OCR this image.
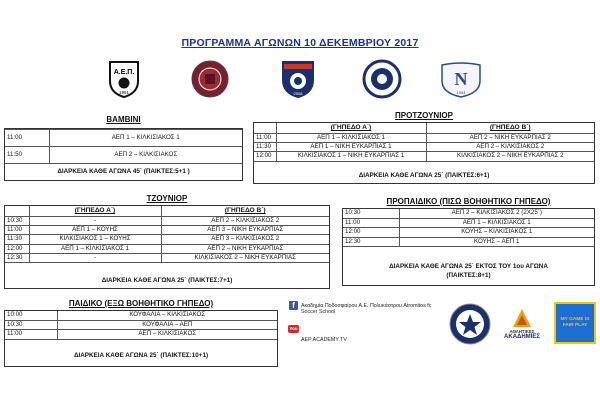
ΠΡΟΓΡΑΜΜΑ ΑΓΩΝΩΝ 10 ΔΕΚΕΜΒΡΙΟΥ 2017
Α.Ε.Π.
1951	2008
N
1954
ΒΑΜΒΙΝΙ
11:00	ΑΕΠ 1 – ΚΙΛΚΙΣΙΑΚΟΣ 1
11:50	ΑΕΠ 2 – ΚΙΛΚΙΣΙΑΚΟΣ
ΔΙΑΡΚΕΙΑ ΚΑΘΕ ΑΓΩΝΑ 45΄ (ΠΑΙΚΤΕΣ:5+1 )
ΠΡΟΤΖΟΥΝΙΟΡ
	(ΓΗΠΕΔΟ Α΄)	(ΓΗΠΕΔΟ Β΄)
11:00	ΑΕΠ 1 – ΚΙΛΚΙΣΙΑΚΟΣ 1	ΑΕΠ 2 – ΝΙΚΗ ΕΥΚΑΡΠΙΑΣ 2
11:30	ΑΕΠ 1 – ΝΙΚΗ ΕΥΚΑΡΠΙΑΣ 1	ΑΕΠ 2 – ΚΙΛΚΙΣΙΑΚΟΣ 2
12:00	ΚΙΛΚΙΣΙΑΚΟΣ 1 – ΝΙΚΗ ΕΥΚΑΡΠΙΑΣ 1	ΚΙΛΚΙΣΙΑΚΟΣ 2 – ΝΙΚΗ ΕΥΚΑΡΠΙΑΣ 2
ΔΙΑΡΚΕΙΑ ΚΑΘΕ ΑΓΩΝΑ 25΄ (ΠΑΙΚΤΕΣ:6+1)
ΤΖΟΥΝΙΟΡ
	(ΓΗΠΕΔΟ Α΄)	(ΓΗΠΕΔΟ Β΄)
10:30	-	ΑΕΠ 2 – ΚΙΛΚΙΣΙΑΚΟΣ 2
11:00	ΑΕΠ 1 – ΚΟΥΗΣ	ΑΕΠ 3 – ΝΙΚΗ ΕΥΚΑΡΠΙΑΣ
11:30	ΚΙΛΚΙΣΙΑΚΟΣ 1 – ΚΟΥΗΣ	ΑΕΠ 3 – ΚΙΛΚΙΣΙΑΚΟΣ 2
12:00	ΑΕΠ 1 – ΚΙΛΚΙΣΙΑΚΟΣ 1	ΑΕΠ 2 – ΝΙΚΗ ΕΥΚΑΡΠΙΑΣ
12:30	-	ΚΙΛΚΙΣΙΑΚΟΣ 2 – ΝΙΚΗ ΕΥΚΑΡΠΙΑΣ
ΔΙΑΡΚΕΙΑ ΚΑΘΕ ΑΓΩΝΑ 25΄ (ΠΑΙΚΤΕΣ:7+1)
ΠΡΟΠΑΙΔΙΚΟ (ΠΙΣΩ ΒΟΗΘΗΤΙΚΟ ΓΗΠΕΔΟ)
10:30	ΑΕΠ 2 – ΚΙΛΚΙΣΙΑΚΟΣ 2 (2Χ25΄)
11:00	ΑΕΠ 1 – ΚΙΛΚΙΣΙΑΚΟΣ 1
12:00	ΚΟΥΗΣ – ΚΙΛΚΙΣΙΑΚΟΣ 1
12:30	ΚΟΥΗΣ – ΑΕΠ 1
ΔΙΑΡΚΕΙΑ ΚΑΘΕ ΑΓΩΝΑ 25΄ ΕΚΤΟΣ ΤΟΥ 1ου ΑΓΩΝΑ
(ΠΑΙΚΤΕΣ:8+1)
ΠΑΙΔΙΚΟ (ΕΞΩ ΒΟΗΘΗΤΙΚΟ ΓΗΠΕΔΟ)
10:00	ΚΟΥΦΑΛΙΑ – ΚΙΛΚΙΣΙΑΚΟΣ
10:30	ΚΟΥΦΑΛΙΑ – ΑΕΠ
11:00	ΑΕΠ – ΚΙΛΚΙΣΙΑΚΟΣ
ΔΙΑΡΚΕΙΑ ΚΑΘΕ ΑΓΩΝΑ 25΄ (ΠΑΙΚΤΕΣ:10+1)
f	Ακαδημία Ποδοσφαίρου Α.Ε. Πολυκάστρου Atromitos fc Soccer School
You
AEP ACADEMY TV
ΑΘΛΗΤΙΚΕΣ
ΑΚΑΔΗΜΙΕΣ
MY GAME IS FAIR PLAY
